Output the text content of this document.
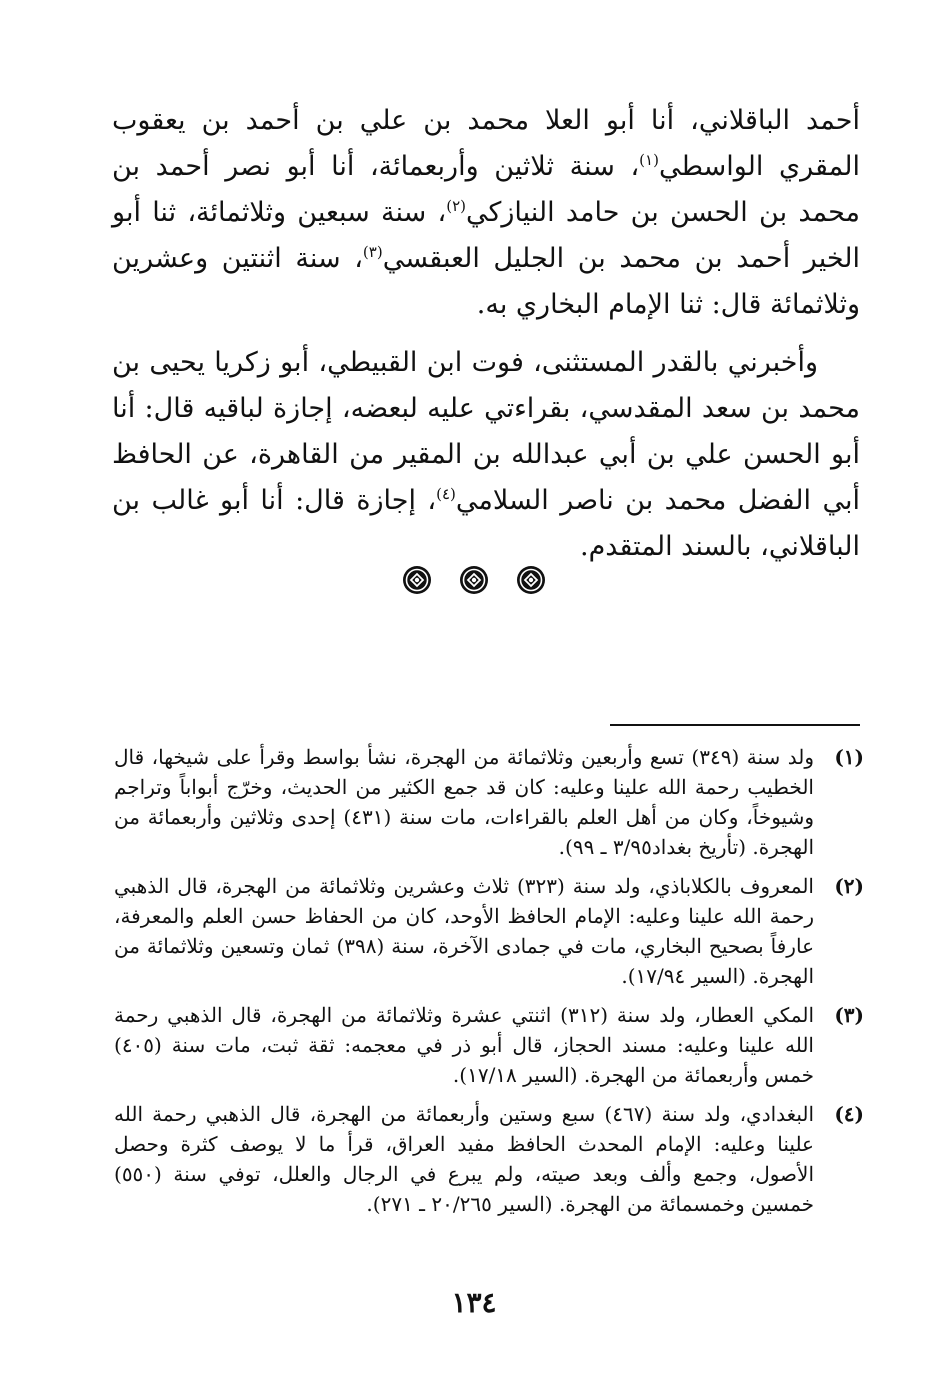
أحمد الباقلاني، أنا أبو العلا محمد بن علي بن أحمد بن يعقوب المقري الواسطي$^{(١)}$، سنة ثلاثين وأربعمائة، أنا أبو نصر أحمد بن محمد بن الحسن بن حامد النيازكي$^{(٢)}$، سنة سبعين وثلاثمائة، ثنا أبو الخير أحمد بن محمد بن الجليل العبقسي$^{(٣)}$، سنة اثنتين وعشرين وثلاثمائة قال: ثنا الإمام البخاري به.

وأخبرني بالقدر المستثنى، فوت ابن القبيطي، أبو زكريا يحيى بن محمد بن سعد المقدسي، بقراءتي عليه لبعضه، إجازة لباقيه قال: أنا أبو الحسن علي بن أبي عبدالله بن المقير من القاهرة، عن الحافظ أبي الفضل محمد بن ناصر السلامي$^{(٤)}$، إجازة قال: أنا أبو غالب بن الباقلاني، بالسند المتقدم.

(١)
ولد سنة (٣٤٩) تسع وأربعين وثلاثمائة من الهجرة، نشأ بواسط وقرأ على شيخها، قال الخطيب رحمة الله علينا وعليه: كان قد جمع الكثير من الحديث، وخرّج أبواباً وتراجم وشيوخاً، وكان من أهل العلم بالقراءات، مات سنة (٤٣١) إحدى وثلاثين وأربعمائة من الهجرة. (تأريخ بغداد٣/٩٥ ـ ٩٩).
(٢)
المعروف بالكلاباذي، ولد سنة (٣٢٣) ثلاث وعشرين وثلاثمائة من الهجرة، قال الذهبي رحمة الله علينا وعليه: الإمام الحافظ الأوحد، كان من الحفاظ حسن العلم والمعرفة، عارفاً بصحيح البخاري، مات في جمادى الآخرة، سنة (٣٩٨) ثمان وتسعين وثلاثمائة من الهجرة. (السير ١٧/٩٤).
(٣)
المكي العطار، ولد سنة (٣١٢) اثنتي عشرة وثلاثمائة من الهجرة، قال الذهبي رحمة الله علينا وعليه: مسند الحجاز، قال أبو ذر في معجمه: ثقة ثبت، مات سنة (٤٠٥) خمس وأربعمائة من الهجرة. (السير ١٧/١٨).
(٤)
البغدادي، ولد سنة (٤٦٧) سبع وستين وأربعمائة من الهجرة، قال الذهبي رحمة الله علينا وعليه: الإمام المحدث الحافظ مفيد العراق، قرأ ما لا يوصف كثرة وحصل الأصول، وجمع وألف وبعد صيته، ولم يبرع في الرجال والعلل، توفي سنة (٥٥٠) خمسين وخمسمائة من الهجرة. (السير ٢٠/٢٦٥ ـ ٢٧١).
١٣٤
